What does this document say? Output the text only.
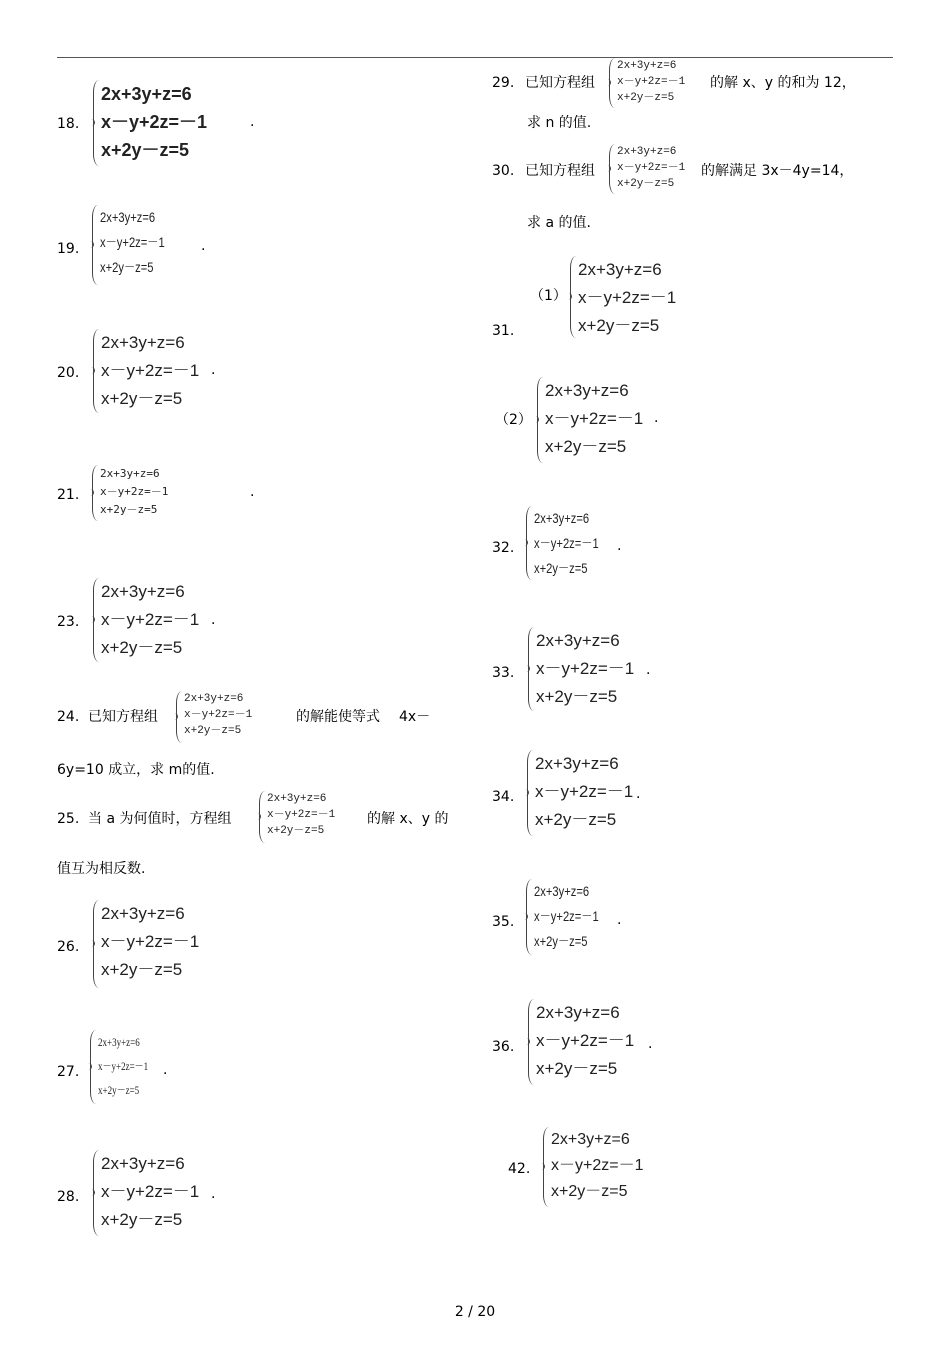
18.
2x+3y+z=6
x－y+2z=－1
x+2y－z=5
.
19.
2x+3y+z=6
x－y+2z=－1
x+2y－z=5
.
20.
2x+3y+z=6
x－y+2z=－1
x+2y－z=5
.
21.
2x+3y+z=6
x－y+2z=－1
x+2y－z=5
.
23.
2x+3y+z=6
x－y+2z=－1
x+2y－z=5
.
24. 已知方程组
2x+3y+z=6
x－y+2z=－1
x+2y－z=5
的解能使等式 4x－
6y=10 成立，求 m的值.
25. 当 a 为何值时，方程组
2x+3y+z=6
x－y+2z=－1
x+2y－z=5
的解 x、y 的
值互为相反数.
26.
2x+3y+z=6
x－y+2z=－1
x+2y－z=5
27.
2x+3y+z=6
x－y+2z=－1
x+2y－z=5
.
28.
2x+3y+z=6
x－y+2z=－1
x+2y－z=5
.
29. 已知方程组
2x+3y+z=6
x－y+2z=－1
x+2y－z=5
的解 x、y 的和为 12，
求 n 的值.
30. 已知方程组
2x+3y+z=6
x－y+2z=－1
x+2y－z=5
的解满足 3x－4y=14，
求 a 的值.
（1）
2x+3y+z=6
x－y+2z=－1
x+2y－z=5
31.
（2）
2x+3y+z=6
x－y+2z=－1
x+2y－z=5
.
32.
2x+3y+z=6
x－y+2z=－1
x+2y－z=5
.
33.
2x+3y+z=6
x－y+2z=－1
x+2y－z=5
.
34.
2x+3y+z=6
x－y+2z=－1
x+2y－z=5
.
35.
2x+3y+z=6
x－y+2z=－1
x+2y－z=5
.
36.
2x+3y+z=6
x－y+2z=－1
x+2y－z=5
.
42.
2x+3y+z=6
x－y+2z=－1
x+2y－z=5
2 / 20
